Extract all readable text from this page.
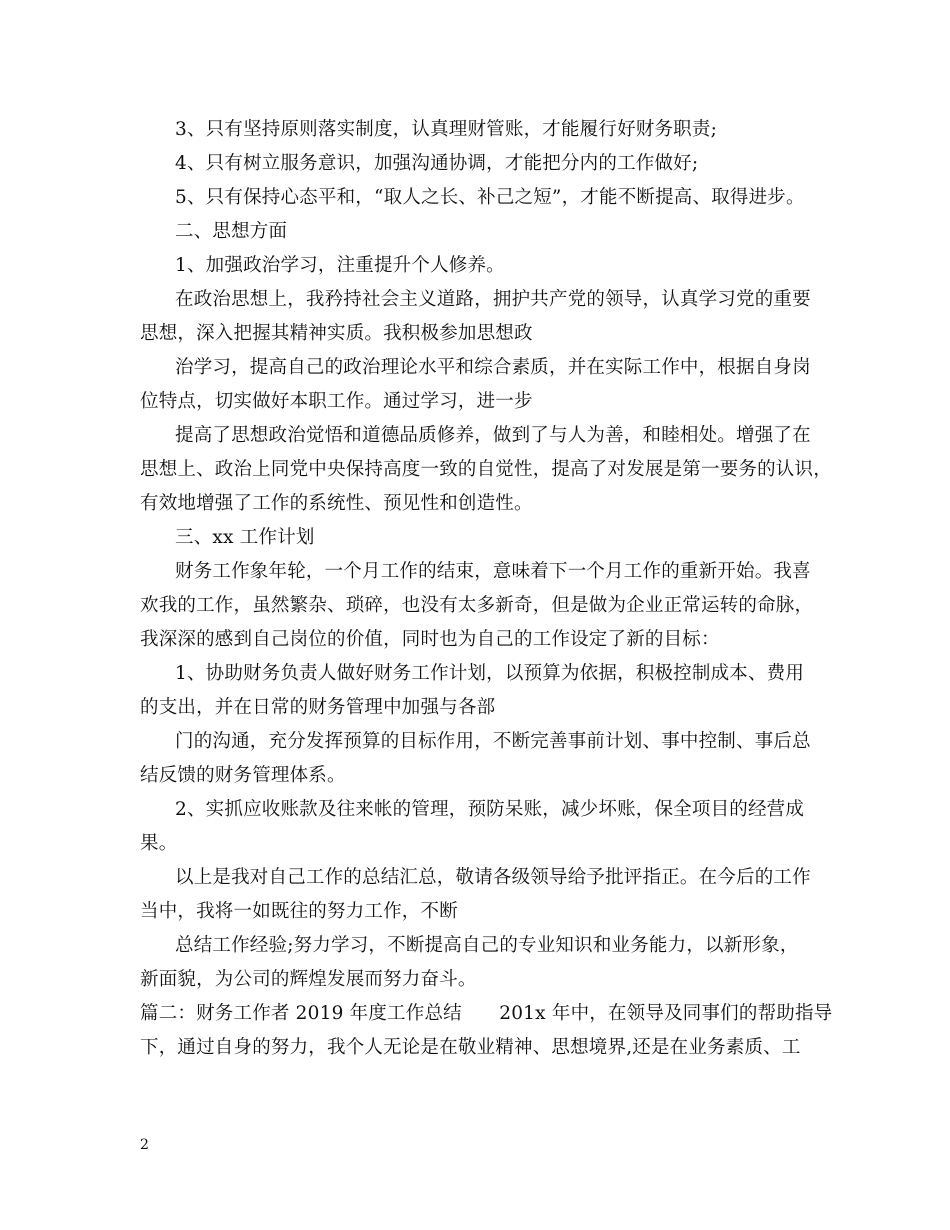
3、只有坚持原则落实制度，认真理财管账，才能履行好财务职责;
4、只有树立服务意识，加强沟通协调，才能把分内的工作做好;
5、只有保持心态平和，“取人之长、补己之短”，才能不断提高、取得进步。
二、思想方面
1、加强政治学习，注重提升个人修养。
在政治思想上，我矜持社会主义道路，拥护共产党的领导，认真学习党的重要
思想，深入把握其精神实质。我积极参加思想政
治学习，提高自己的政治理论水平和综合素质，并在实际工作中，根据自身岗
位特点，切实做好本职工作。通过学习，进一步
提高了思想政治觉悟和道德品质修养，做到了与人为善，和睦相处。增强了在
思想上、政治上同党中央保持高度一致的自觉性，提高了对发展是第一要务的认识，
有效地增强了工作的系统性、预见性和创造性。
三、xx 工作计划
财务工作象年轮，一个月工作的结束，意味着下一个月工作的重新开始。我喜
欢我的工作，虽然繁杂、琐碎，也没有太多新奇，但是做为企业正常运转的命脉，
我深深的感到自己岗位的价值，同时也为自己的工作设定了新的目标：
1、协助财务负责人做好财务工作计划，以预算为依据，积极控制成本、费用
的支出，并在日常的财务管理中加强与各部
门的沟通，充分发挥预算的目标作用，不断完善事前计划、事中控制、事后总
结反馈的财务管理体系。
2、实抓应收账款及往来帐的管理，预防呆账，减少坏账，保全项目的经营成
果。
以上是我对自己工作的总结汇总，敬请各级领导给予批评指正。在今后的工作
当中，我将一如既往的努力工作，不断
总结工作经验;努力学习，不断提高自己的专业知识和业务能力，以新形象，
新面貌，为公司的辉煌发展而努力奋斗。
篇二：财务工作者 2019 年度工作总结　　201x 年中，在领导及同事们的帮助指导
下，通过自身的努力，我个人无论是在敬业精神、思想境界,还是在业务素质、工
2
